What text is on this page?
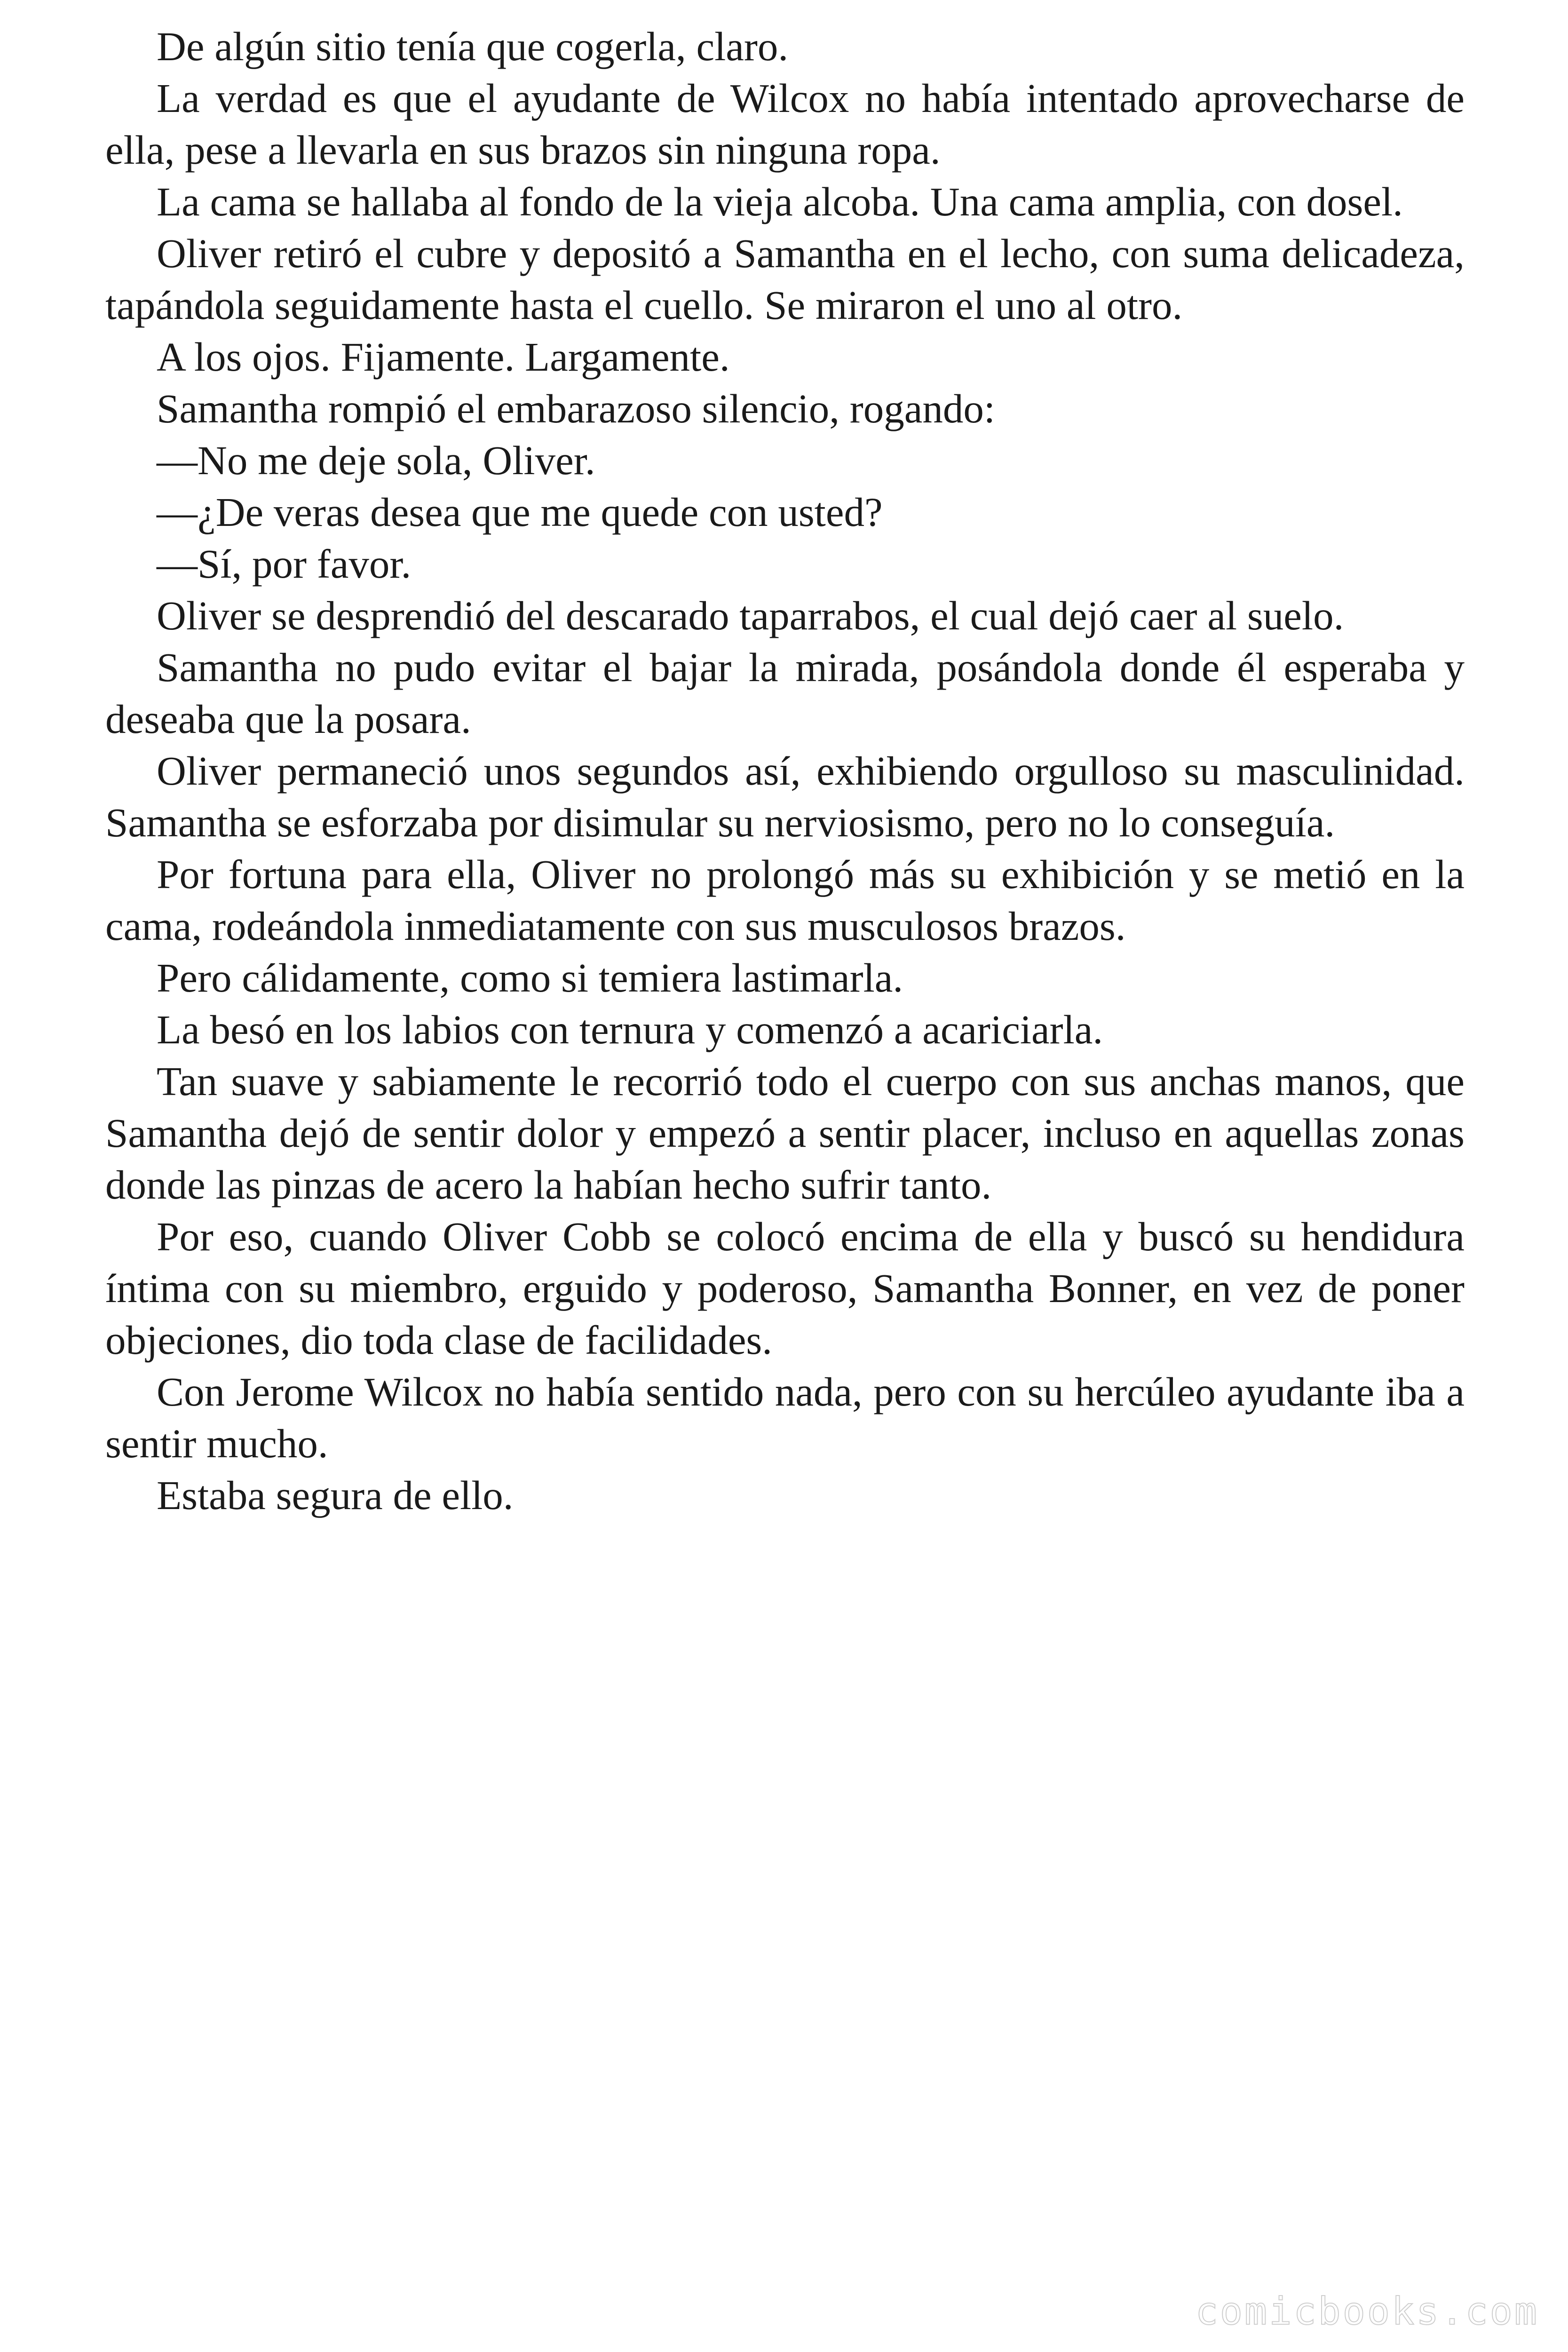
De algún sitio tenía que cogerla, claro.

La verdad es que el ayudante de Wilcox no había intentado aprovecharse de ella, pese a llevarla en sus brazos sin ninguna ropa.

La cama se hallaba al fondo de la vieja alcoba. Una cama amplia, con dosel.

Oliver retiró el cubre y depositó a Samantha en el lecho, con suma delicadeza, tapándola seguidamente hasta el cuello. Se miraron el uno al otro.

A los ojos. Fijamente. Largamente.

Samantha rompió el embarazoso silencio, rogando:

—No me deje sola, Oliver.

—¿De veras desea que me quede con usted?

—Sí, por favor.

Oliver se desprendió del descarado taparrabos, el cual dejó caer al suelo.

Samantha no pudo evitar el bajar la mirada, posándola donde él esperaba y deseaba que la posara.

Oliver permaneció unos segundos así, exhibiendo orgulloso su masculinidad. Samantha se esforzaba por disimular su nerviosismo, pero no lo conseguía.

Por fortuna para ella, Oliver no prolongó más su exhibición y se metió en la cama, rodeándola inmediatamente con sus musculosos brazos.

Pero cálidamente, como si temiera lastimarla.

La besó en los labios con ternura y comenzó a acariciarla.

Tan suave y sabiamente le recorrió todo el cuerpo con sus anchas manos, que Samantha dejó de sentir dolor y empezó a sentir placer, incluso en aquellas zonas donde las pinzas de acero la habían hecho sufrir tanto.

Por eso, cuando Oliver Cobb se colocó encima de ella y buscó su hendidura íntima con su miembro, erguido y poderoso, Samantha Bonner, en vez de poner objeciones, dio toda clase de facilidades.

Con Jerome Wilcox no había sentido nada, pero con su hercúleo ayudante iba a sentir mucho.

Estaba segura de ello.

comicbooks.com
